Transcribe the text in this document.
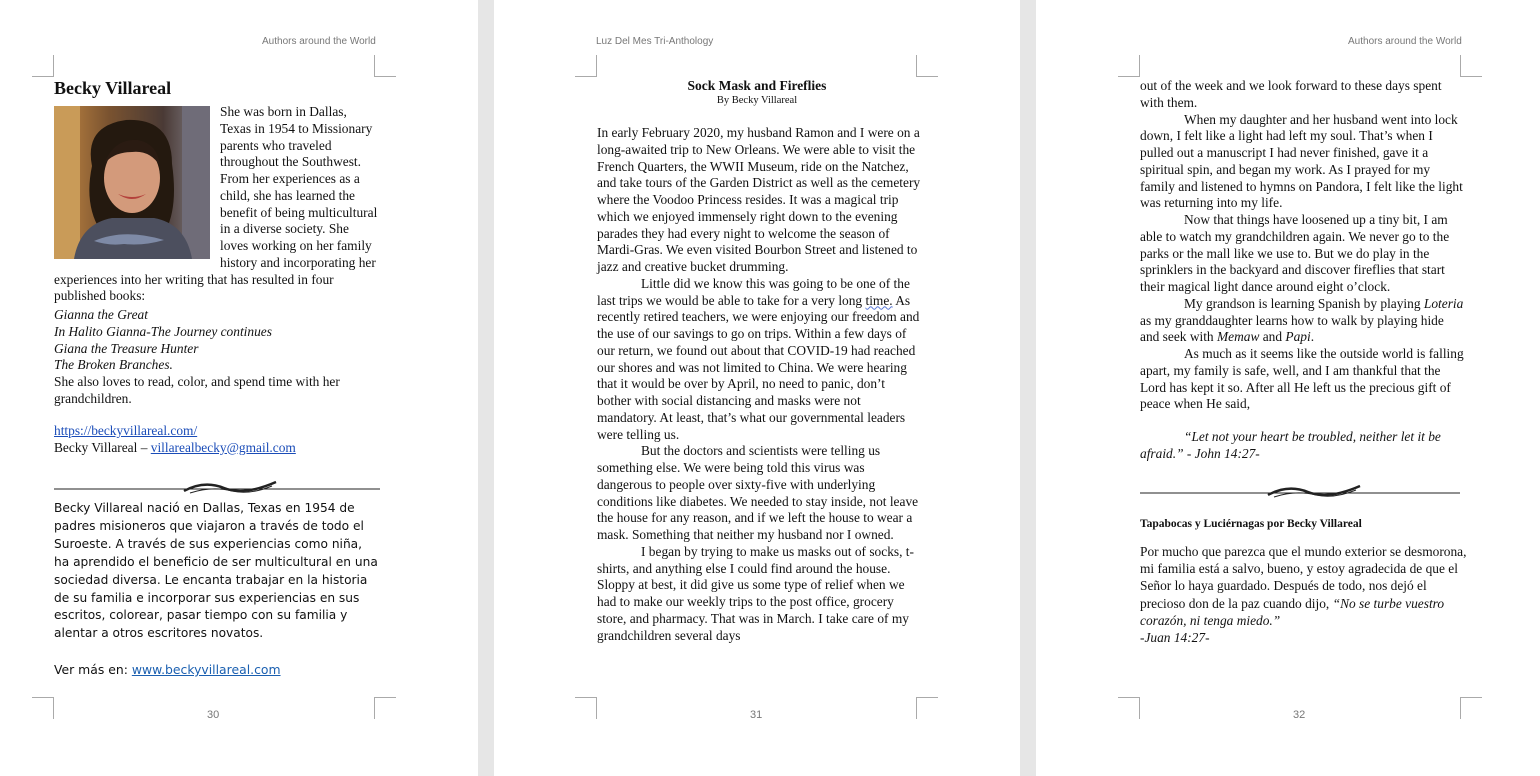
Authors around the World
Becky Villareal
She was born in Dallas, Texas in 1954 to Missionary parents who traveled throughout the Southwest. From her experiences as a child, she has learned the benefit of being multicultural in a diverse society. She loves working on her family history and incorporating her experiences into her writing that has resulted in four published books:
Gianna the Great
In Halito Gianna-The Journey continues
Giana the Treasure Hunter
The Broken Branches.
She also loves to read, color, and spend time with her grandchildren.
https://beckyvillareal.com/
Becky Villareal – villarealbecky@gmail.com
Becky Villareal nació en Dallas, Texas en 1954 de padres misioneros que viajaron a través de todo el Suroeste. A través de sus experiencias como niña, ha aprendido el beneficio de ser multicultural en una sociedad diversa. Le encanta trabajar en la historia de su familia e incorporar sus experiencias en sus escritos, colorear, pasar tiempo con su familia y alentar a otros escritores novatos.
Ver más en: www.beckyvillareal.com
30
Luz Del Mes Tri-Anthology
Sock Mask and Fireflies
By Becky Villareal

In early February 2020, my husband Ramon and I were on a long-awaited trip to New Orleans. We were able to visit the French Quarters, the WWII Museum, ride on the Natchez, and take tours of the Garden District as well as the cemetery where the Voodoo Princess resides. It was a magical trip which we enjoyed immensely right down to the evening parades they had every night to welcome the season of Mardi-Gras. We even visited Bourbon Street and listened to jazz and creative bucket drumming.

Little did we know this was going to be one of the last trips we would be able to take for a very long time. As recently retired teachers, we were enjoying our freedom and the use of our savings to go on trips. Within a few days of our return, we found out about that COVID-19 had reached our shores and was not limited to China. We were hearing that it would be over by April, no need to panic, don’t bother with social distancing and masks were not mandatory. At least, that’s what our governmental leaders were telling us.

But the doctors and scientists were telling us something else. We were being told this virus was dangerous to people over sixty-five with underlying conditions like diabetes. We needed to stay inside, not leave the house for any reason, and if we left the house to wear a mask. Something that neither my husband nor I owned.

I began by trying to make us masks out of socks, t-shirts, and anything else I could find around the house. Sloppy at best, it did give us some type of relief when we had to make our weekly trips to the post office, grocery store, and pharmacy. That was in March. I take care of my grandchildren several days

31
Authors around the World

out of the week and we look forward to these days spent with them.

When my daughter and her husband went into lock down, I felt like a light had left my soul. That’s when I pulled out a manuscript I had never finished, gave it a spiritual spin, and began my work. As I prayed for my family and listened to hymns on Pandora, I felt like the light was returning into my life.

Now that things have loosened up a tiny bit, I am able to watch my grandchildren again. We never go to the parks or the mall like we use to. But we do play in the sprinklers in the backyard and discover fireflies that start their magical light dance around eight o’clock.

My grandson is learning Spanish by playing Loteria as my granddaughter learns how to walk by playing hide and seek with Memaw and Papi.

As much as it seems like the outside world is falling apart, my family is safe, well, and I am thankful that the Lord has kept it so. After all He left us the precious gift of peace when He said,

“Let not your heart be troubled, neither let it be afraid.” - John 14:27-
Tapabocas y Luciérnagas por Becky Villareal
Por mucho que parezca que el mundo exterior se desmorona, mi familia está a salvo, bueno, y estoy agradecida de que el Señor lo haya guardado. Después de todo, nos dejó el precioso don de la paz cuando dijo, “No se turbe vuestro corazón, ni tenga miedo.”
-Juan 14:27-
32
